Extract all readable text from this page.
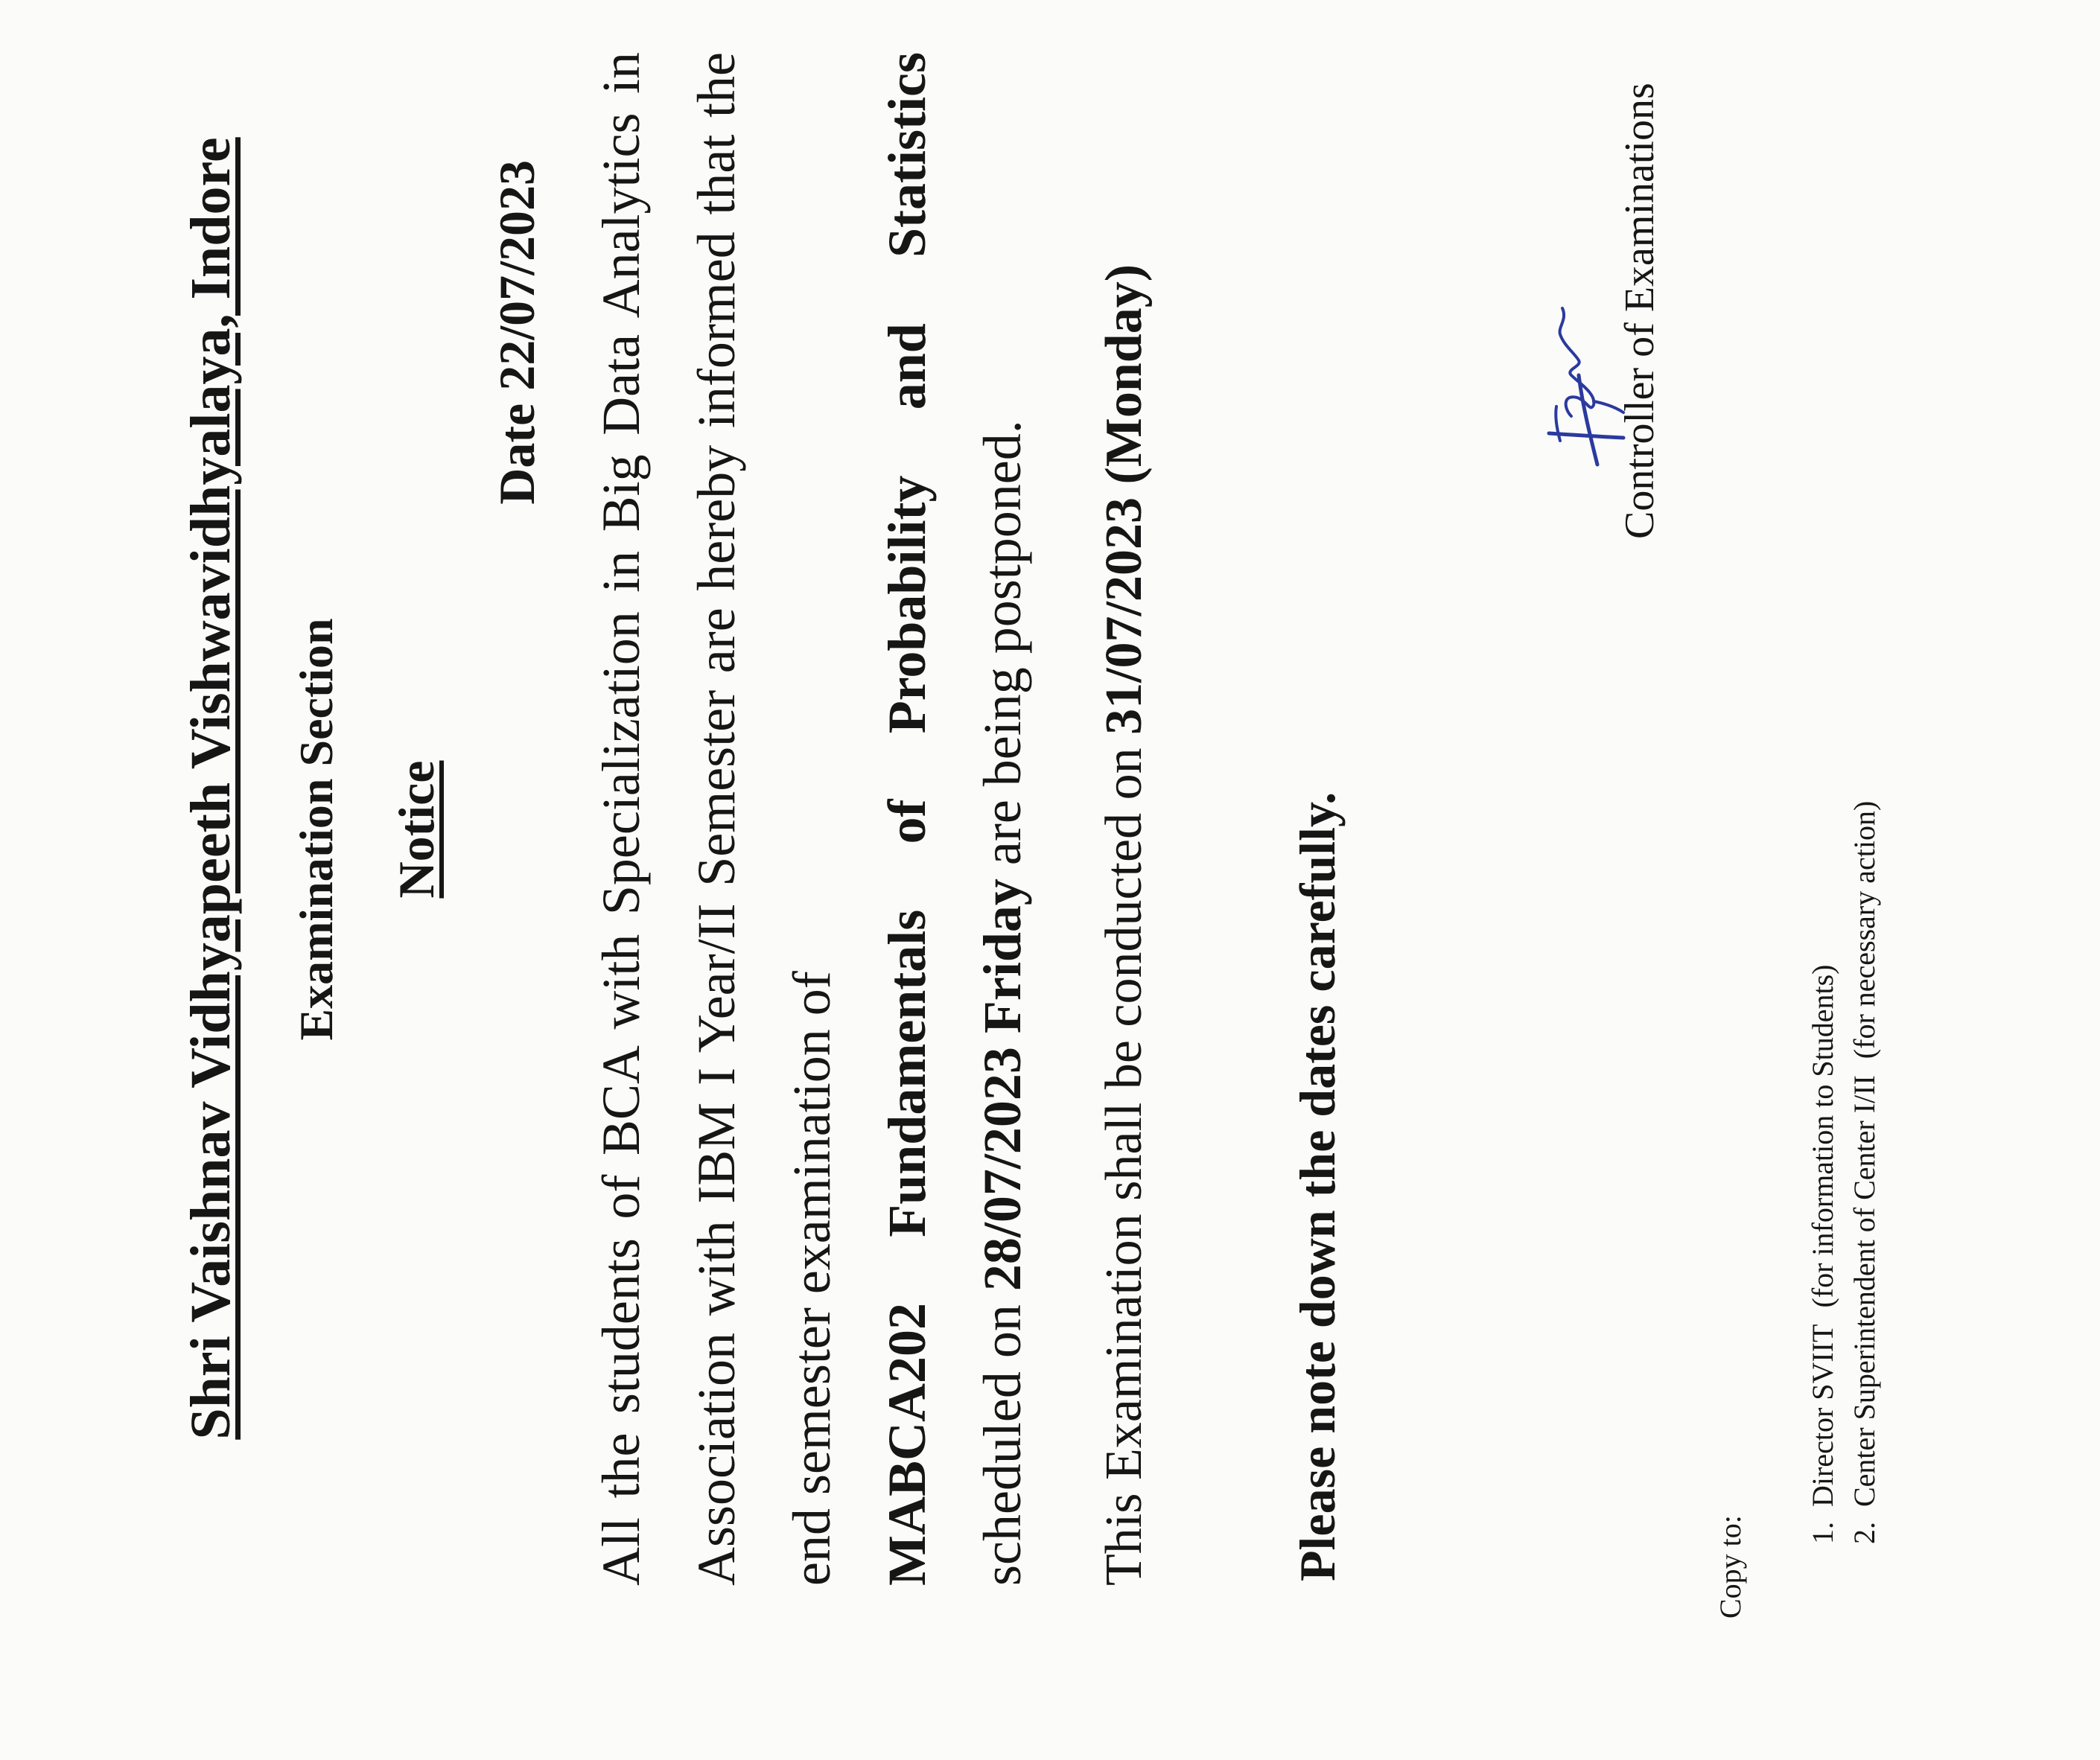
Shri Vaishnav Vidhyapeeth Vishwavidhyalaya, Indore Examination Section Notice

Date 22/07/2023 All the students of BCA with Specialization in Big Data Analytics in Association with IBM I Year/II Semester are hereby informed that the end semester examination of MABCA202 Fundamentals of Probability and Statistics scheduled on 28/07/2023 Friday are being postponed.

This Examination shall be conducted on 31/07/2023 (Monday)

Please note down the dates carefully.

Controller of Examinations

Copy to: 1.Director SVIIT(for information to Students)
2.Center Superintendent of Center I/II(for necessary action)
